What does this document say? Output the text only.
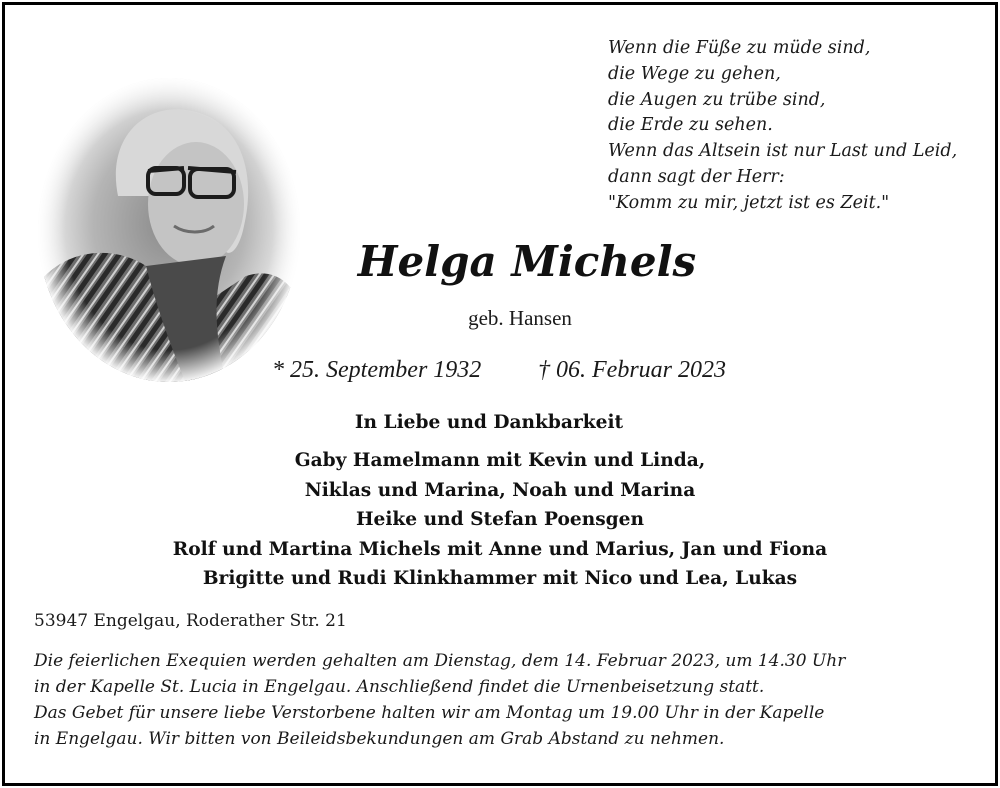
Wenn die Füße zu müde sind,
die Wege zu gehen,
die Augen zu trübe sind,
die Erde zu sehen.
Wenn das Altsein ist nur Last und Leid,
dann sagt der Herr:
"Komm zu mir, jetzt ist es Zeit."
Helga Michels
geb. Hansen
* 25. September 1932 † 06. Februar 2023
In Liebe und Dankbarkeit
Gaby Hamelmann mit Kevin und Linda,
Niklas und Marina, Noah und Marina
Heike und Stefan Poensgen
Rolf und Martina Michels mit Anne und Marius, Jan und Fiona
Brigitte und Rudi Klinkhammer mit Nico und Lea, Lukas
53947 Engelgau, Roderather Str. 21
Die feierlichen Exequien werden gehalten am Dienstag, dem 14. Februar 2023, um 14.30 Uhr
in der Kapelle St. Lucia in Engelgau. Anschließend findet die Urnenbeisetzung statt.
Das Gebet für unsere liebe Verstorbene halten wir am Montag um 19.00 Uhr in der Kapelle
in Engelgau. Wir bitten von Beileidsbekundungen am Grab Abstand zu nehmen.
